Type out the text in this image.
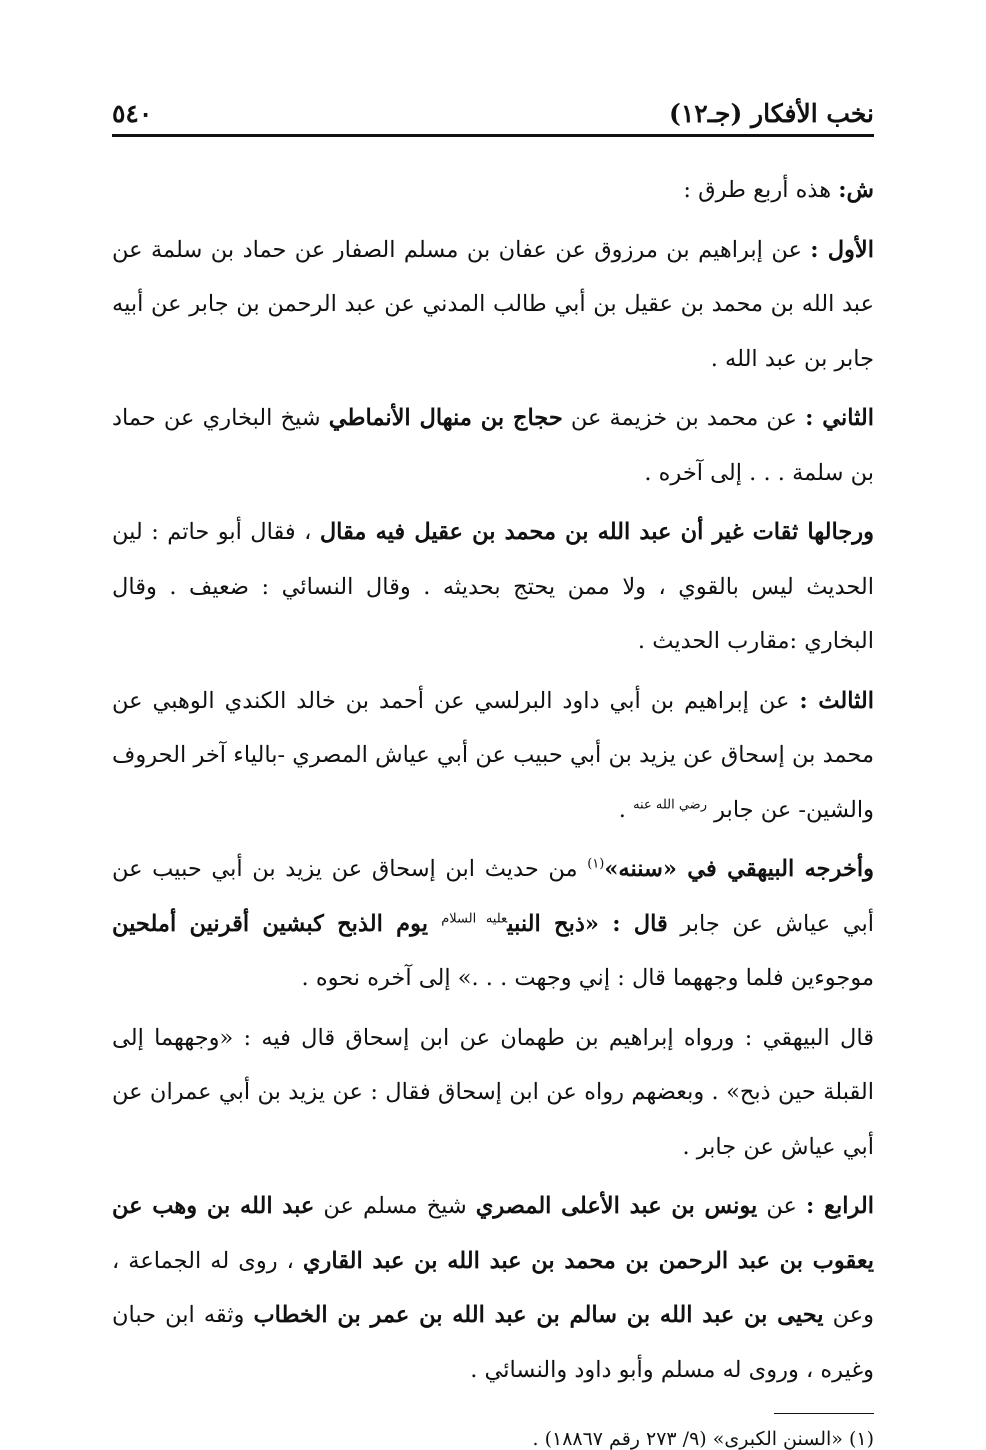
نخب الأفكار (جـ١٢)
٥٤٠

ش: هذه أربع طرق :

الأول : عن إبراهيم بن مرزوق عن عفان بن مسلم الصفار عن حماد بن سلمة عن عبد الله بن محمد بن عقيل بن أبي طالب المدني عن عبد الرحمن بن جابر عن أبيه جابر بن عبد الله .

الثاني : عن محمد بن خزيمة عن حجاج بن منهال الأنماطي شيخ البخاري عن حماد بن سلمة . . . إلى آخره .

ورجالها ثقات غير أن عبد الله بن محمد بن عقيل فيه مقال ، فقال أبو حاتم : لين الحديث ليس بالقوي ، ولا ممن يحتج بحديثه . وقال النسائي : ضعيف . وقال البخاري :مقارب الحديث .

الثالث : عن إبراهيم بن أبي داود البرلسي عن أحمد بن خالد الكندي الوهبي عن محمد بن إسحاق عن يزيد بن أبي حبيب عن أبي عياش المصري -بالياء آخر الحروف والشين- عن جابر $^{رضي الله عنه}$ .

وأخرجه البيهقي في «سننه»$^{(١)}$ من حديث ابن إسحاق عن يزيد بن أبي حبيب عن أبي عياش عن جابر قال : «ذبح النبي$^{عليه السلام}$ يوم الذبح كبشين أقرنين أملحين موجوءين فلما وجههما قال : إني وجهت . . .» إلى آخره نحوه .

قال البيهقي : ورواه إبراهيم بن طهمان عن ابن إسحاق قال فيه : «وجههما إلى القبلة حين ذبح» . وبعضهم رواه عن ابن إسحاق فقال : عن يزيد بن أبي عمران عن أبي عياش عن جابر .

الرابع : عن يونس بن عبد الأعلى المصري شيخ مسلم عن عبد الله بن وهب عن يعقوب بن عبد الرحمن بن محمد بن عبد الله بن عبد القاري ، روى له الجماعة ، وعن يحيى بن عبد الله بن سالم بن عبد الله بن عمر بن الخطاب وثقه ابن حبان وغيره ، وروى له مسلم وأبو داود والنسائي .

(١) «السنن الكبرى» (٩/ ٢٧٣ رقم ١٨٨٦٧) .
